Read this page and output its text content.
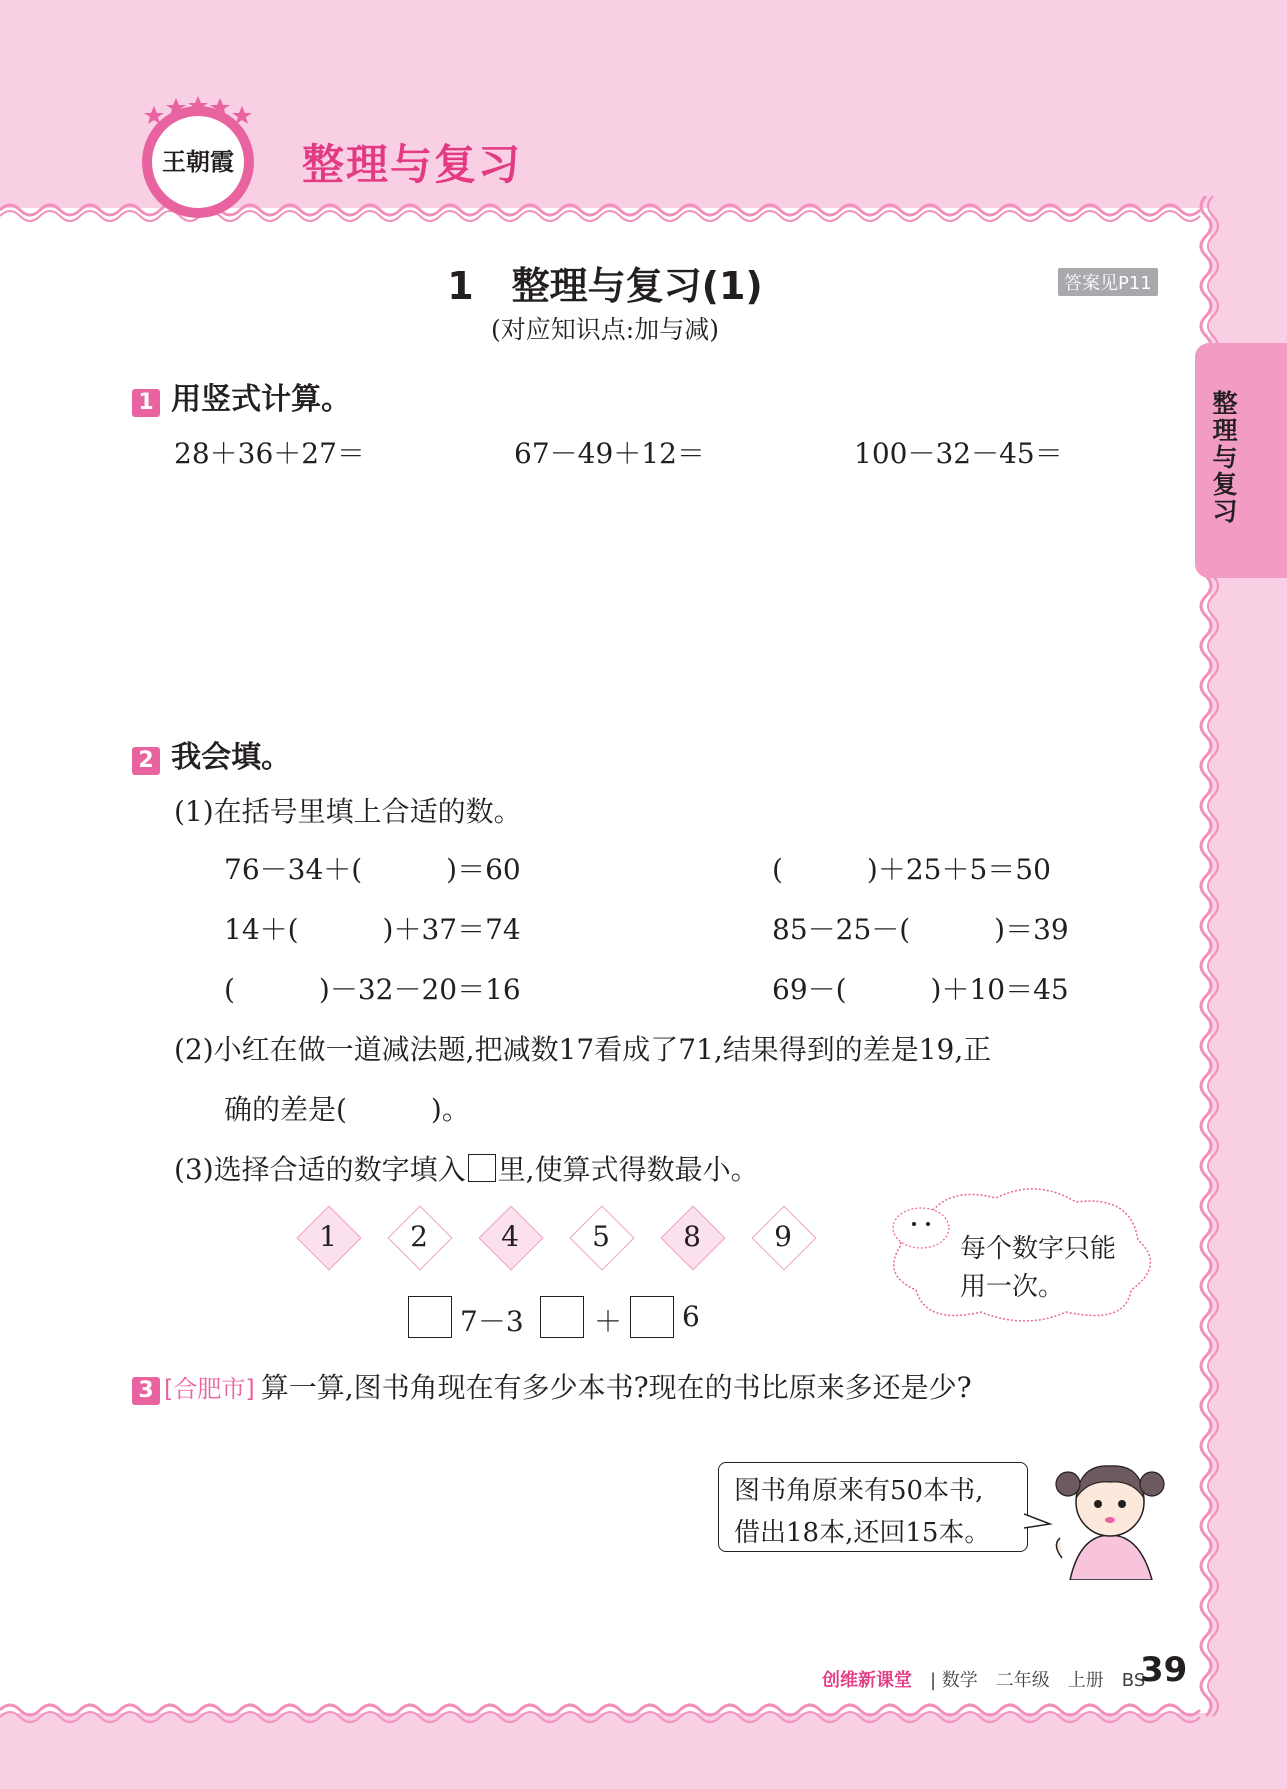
王朝霞 整理与复习
整理与复习
1　整理与复习(1)
(对应知识点:加与减)
答案见P11
1 用竖式计算。
28＋36＋27＝	67－49＋12＝	100－32－45＝
2 我会填。
(1)在括号里填上合适的数。
76－34＋(　　　)＝60	(　　　)＋25＋5＝50
14＋(　　　)＋37＝74	85－25－(　　　)＝39
(　　　)－32－20＝16	69－(　　　)＋10＝45
(2)小红在做一道减法题,把减数17看成了71,结果得到的差是19,正
确的差是(　　　)。
(3)选择合适的数字填入 里,使算式得数最小。
1	2	4	5	8	9	每个数字只能
用一次。
7－3	＋ 6
3 [合肥市] 算一算,图书角现在有多少本书?现在的书比原来多还是少?
图书角原来有50本书,
借出18本,还回15本。
创维新课堂 | 数学　二年级　上册　BS
39
